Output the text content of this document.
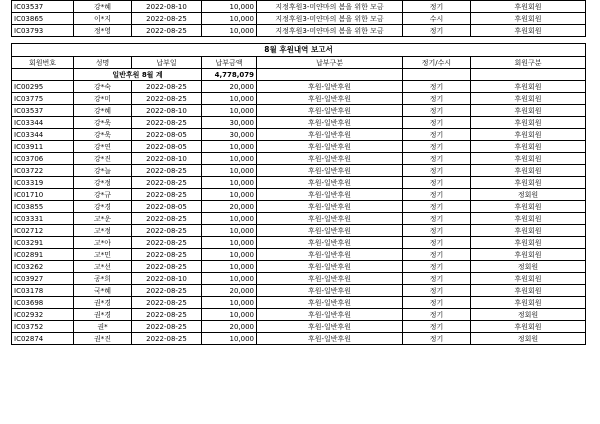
IC03537	강*혜	2022-08-10	10,000	지정후원3-미얀마의 봄을 위한 모금	정기	후원회원
IC03865	이*지	2022-08-25	10,000	지정후원3-미얀마의 봄을 위한 모금	수시	후원회원
IC03793	정*영	2022-08-25	10,000	지정후원3-미얀마의 봄을 위한 모금	정기	후원회원

8월 후원내역 보고서						
회원번호	성명	납부일	납부금액	납부구분	정기/수시	회원구분
	일반후원 8월 계		4,778,079			
IC00295	강*숙	2022-08-25	20,000	후원-일반후원	정기	후원회원
IC03775	강*미	2022-08-25	10,000	후원-일반후원	정기	후원회원
IC03537	강*혜	2022-08-10	10,000	후원-일반후원	정기	후원회원
IC03344	강*욱	2022-08-25	30,000	후원-일반후원	정기	후원회원
IC03344	강*욱	2022-08-05	30,000	후원-일반후원	정기	후원회원
IC03911	강*연	2022-08-05	10,000	후원-일반후원	정기	후원회원
IC03706	강*진	2022-08-10	10,000	후원-일반후원	정기	후원회원
IC03722	강*늘	2022-08-25	10,000	후원-일반후원	정기	후원회원
IC03319	강*정	2022-08-25	10,000	후원-일반후원	정기	후원회원
IC01710	강*규	2022-08-25	10,000	후원-일반후원	정기	정회원
IC03855	강*경	2022-08-05	20,000	후원-일반후원	정기	후원회원
IC03331	고*운	2022-08-25	10,000	후원-일반후원	정기	후원회원
IC02712	고*정	2022-08-25	10,000	후원-일반후원	정기	후원회원
IC03291	고*아	2022-08-25	10,000	후원-일반후원	정기	후원회원
IC02891	고*민	2022-08-25	10,000	후원-일반후원	정기	후원회원
IC03262	고*선	2022-08-25	10,000	후원-일반후원	정기	정회원
IC03927	공*희	2022-08-10	10,000	후원-일반후원	정기	후원회원
IC03178	국*혜	2022-08-25	20,000	후원-일반후원	정기	후원회원
IC03698	권*경	2022-08-25	10,000	후원-일반후원	정기	후원회원
IC02932	권*경	2022-08-25	10,000	후원-일반후원	정기	정회원
IC03752	권*	2022-08-25	20,000	후원-일반후원	정기	후원회원
IC02874	권*진	2022-08-25	10,000	후원-일반후원	정기	정회원
